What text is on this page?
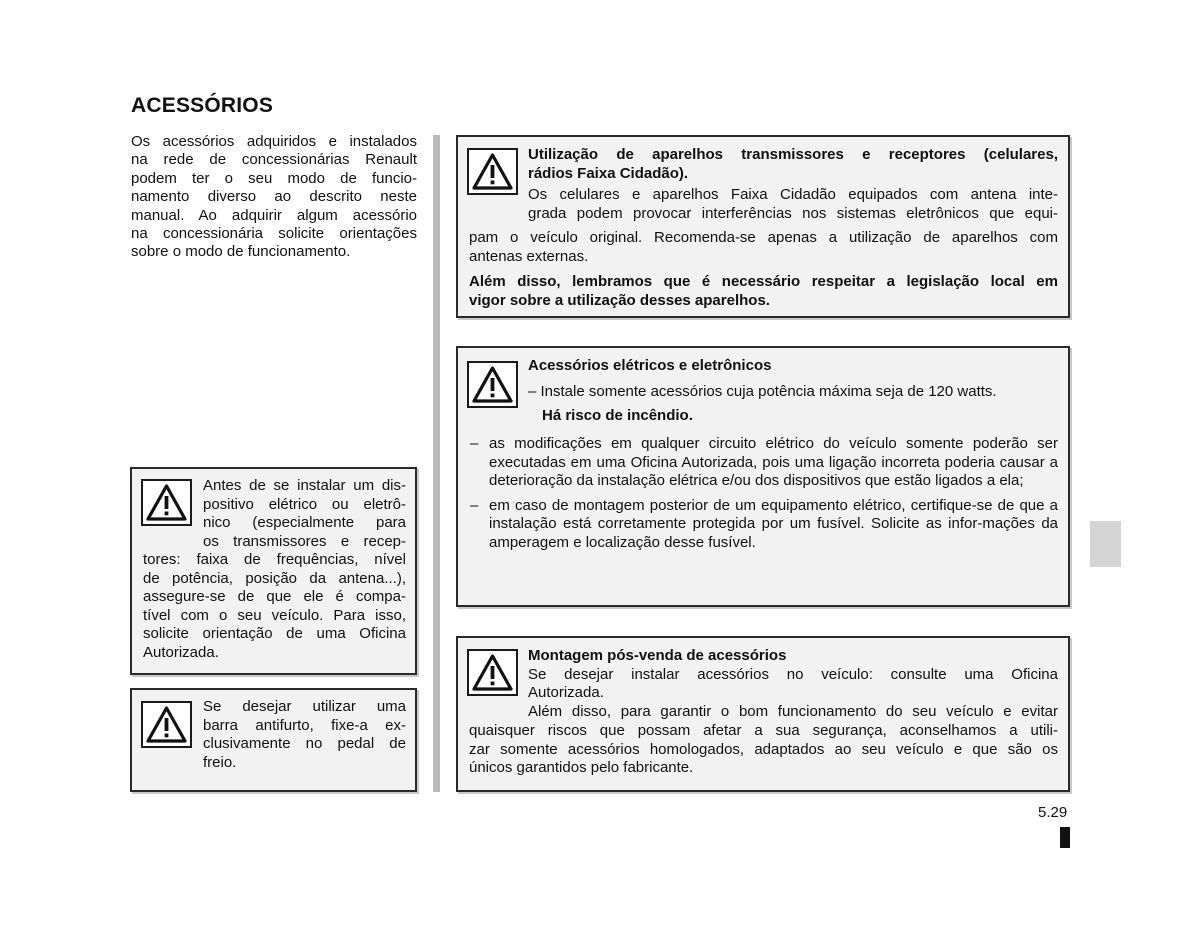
ACESSÓRIOS
Os acessórios adquiridos e instalados
na rede de concessionárias Renault
podem ter o seu modo de funcio-
namento diverso ao descrito neste
manual. Ao adquirir algum acessório
na concessionária solicite orientações
sobre o modo de funcionamento.
Antes de se instalar um dis-
positivo elétrico ou eletrô-
nico (especialmente para
os transmissores e recep-
tores: faixa de frequências, nível
de potência, posição da antena...),
assegure-se de que ele é compa-
tível com o seu veículo. Para isso,
solicite orientação de uma Oficina
Autorizada.
Se desejar utilizar uma
barra antifurto, fixe-a ex-
clusivamente no pedal de
freio.
Utilização de aparelhos transmissores e receptores (celulares,
rádios Faixa Cidadão).
Os celulares e aparelhos Faixa Cidadão equipados com antena inte-
grada podem provocar interferências nos sistemas eletrônicos que equi-
pam o veículo original. Recomenda-se apenas a utilização de aparelhos com
antenas externas.
Além disso, lembramos que é necessário respeitar a legislação local em
vigor sobre a utilização desses aparelhos.
Acessórios elétricos e eletrônicos
– Instale somente acessórios cuja potência máxima seja de 120 watts.
Há risco de incêndio.
– as modificações em qualquer circuito elétrico do veículo somente poderão ser executadas em uma Oficina Autorizada, pois uma ligação incorreta poderia causar a deterioração da instalação elétrica e/ou dos dispositivos que estão ligados a ela;
– em caso de montagem posterior de um equipamento elétrico, certifique-se de que a instalação está corretamente protegida por um fusível. Solicite as infor-mações da amperagem e localização desse fusível.
Montagem pós-venda de acessórios
Se desejar instalar acessórios no veículo: consulte uma Oficina
Autorizada.
Além disso, para garantir o bom funcionamento do seu veículo e evitar
quaisquer riscos que possam afetar a sua segurança, aconselhamos a utili-
zar somente acessórios homologados, adaptados ao seu veículo e que são os
únicos garantidos pelo fabricante.
5.29
